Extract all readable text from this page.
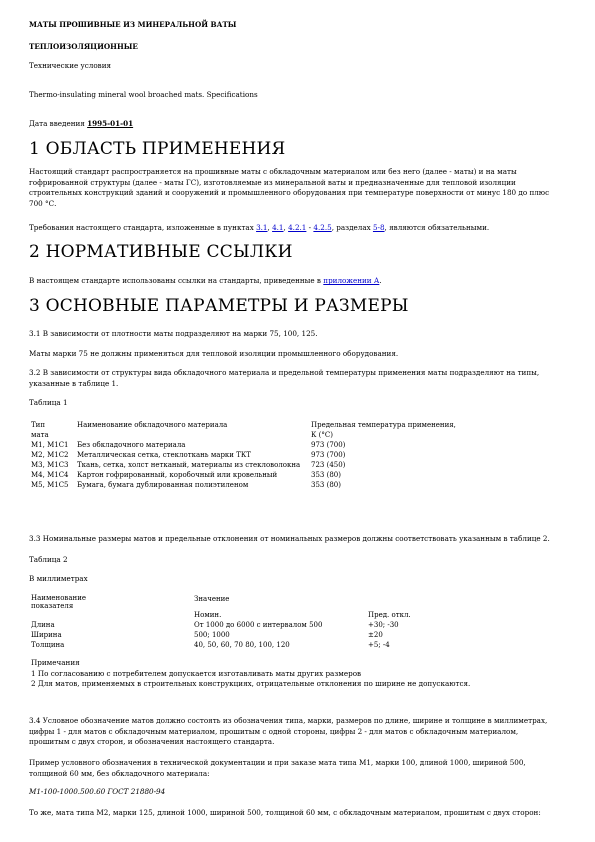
МАТЫ ПРОШИВНЫЕ ИЗ МИНЕРАЛЬНОЙ ВАТЫ
ТЕПЛОИЗОЛЯЦИОННЫЕ
Технические условия
Thermo-insulating mineral wool broached mats. Specifications
Дата введения 1995-01-01
1 ОБЛАСТЬ ПРИМЕНЕНИЯ
Настоящий стандарт распространяется на прошивные маты с обкладочным материалом или без него (далее - маты) и на маты гофрированной структуры (далее - маты ГС), изготовляемые из минеральной ваты и предназначенные для тепловой изоляции строительных конструкций зданий и сооружений и промышленного оборудования при температуре поверхности от минус 180 до плюс 700 °С.
Требования настоящего стандарта, изложенные в пунктах 3.1, 4.1, 4.2.1 - 4.2.5, разделах 5-8, являются обязательными.
2 НОРМАТИВНЫЕ ССЫЛКИ
В настоящем стандарте использованы ссылки на стандарты, приведенные в приложении А.
3 ОСНОВНЫЕ ПАРАМЕТРЫ И РАЗМЕРЫ
3.1 В зависимости от плотности маты подразделяют на марки 75, 100, 125.
Маты марки 75 не должны применяться для тепловой изоляции промышленного оборудования.
3.2 В зависимости от структуры вида обкладочного материала и предельной температуры применения маты подразделяют на типы, указанные в таблице 1.
Таблица 1
Тип
мата	Наименование обкладочного материала	Предельная температура применения,
К (°С)
М1, М1С1	Без обкладочного материала	973 (700)
М2, М1С2	Металлическая сетка, стеклоткань марки ТКТ	973 (700)
М3, М1С3	Ткань, сетка, холст нетканый, материалы из стекловолокна	723 (450)
М4, М1С4	Картон гофрированный, коробочный или кровельный	353 (80)
М5, М1С5	Бумага, бумага дублированная полиэтиленом	353 (80)
3.3 Номинальные размеры матов и предельные отклонения от номинальных размеров должны соответствовать указанным в таблице 2.
Таблица 2
В миллиметрах
Наименование
показателя	Значение	
	Номин.	Пред. откл.
Длина	От 1000 до 6000 с интервалом 500	+30; -30
Ширина	500; 1000	±20
Толщина	40, 50, 60, 70 80, 100, 120	+5; -4
Примечания
1 По согласованию с потребителем допускается изготавливать маты других размеров
2 Для матов, применяемых в строительных конструкциях, отрицательные отклонения по ширине не допускаются.
3.4 Условное обозначение матов должно состоять из обозначения типа, марки, размеров по длине, ширине и толщине в миллиметрах, цифры 1 - для матов с обкладочным материалом, прошитым с одной стороны, цифры 2 - для матов с обкладочным материалом, прошитым с двух сторон, и обозначения настоящего стандарта.
Пример условного обозначения в технической документации и при заказе мата типа М1, марки 100, длиной 1000, шириной 500, толщиной 60 мм, без обкладочного материала:
М1-100-1000.500.60 ГОСТ 21880-94
То же, мата типа М2, марки 125, длиной 1000, шириной 500, толщиной 60 мм, с обкладочным материалом, прошитым с двух сторон:
